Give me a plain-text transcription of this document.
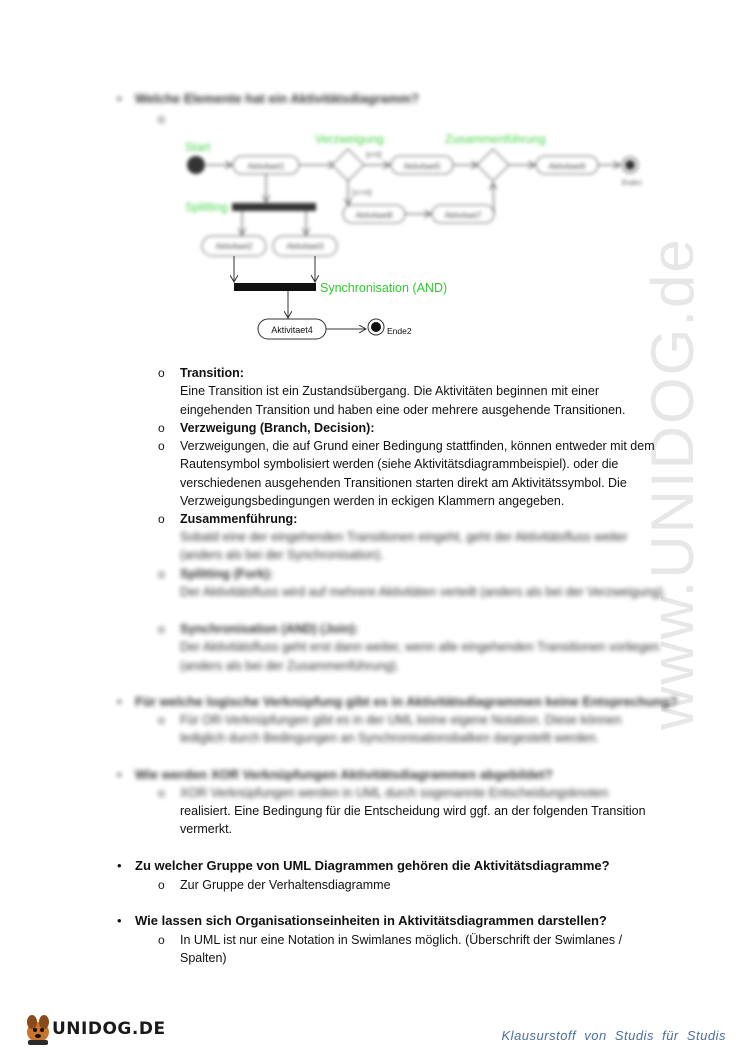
www.UNIDOG.de
• Welche Elemente hat ein Aktivitätsdiagramm?
o
Start
Aktivitaet1
Verzweigung
[x>0]
Aktivitaet5
Zusammenführung
Aktivitaet6
Ende1
[x<=0]
Aktivitaet8	Aktivitaet7
Splitting
Aktivitaet2	Aktivitaet3
Synchronisation (AND)
Aktivitaet4	Ende2
o Transition:
Eine Transition ist ein Zustandsübergang. Die Aktivitäten beginnen mit einer eingehenden Transition und haben eine oder mehrere ausgehende Transitionen.
o Verzweigung (Branch, Decision):
o Verzweigungen, die auf Grund einer Bedingung stattfinden, können entweder mit dem Rautensymbol symbolisiert werden (siehe Aktivitätsdiagrammbeispiel). oder die verschiedenen ausgehenden Transitionen starten direkt am Aktivitätssymbol. Die Verzweigungsbedingungen werden in eckigen Klammern angegeben.
o Zusammenführung:
Sobald eine der eingehenden Transitionen eingeht, geht der Aktivitätsfluss weiter (anders als bei der Synchronisation).
o Splitting (Fork):
Der Aktivitätsfluss wird auf mehrere Aktivitäten verteilt (anders als bei der Verzweigung).
o Synchronisation (AND) (Join):
Der Aktivitätsfluss geht erst dann weiter, wenn alle eingehenden Transitionen vorliegen (anders als bei der Zusammenführung).
• Für welche logische Verknüpfung gibt es in Aktivitätsdiagrammen keine Entsprechung?
o Für OR-Verknüpfungen gibt es in der UML keine eigene Notation. Diese können lediglich durch Bedingungen an Synchronisationsbalken dargestellt werden.
• Wie werden XOR Verknüpfungen Aktivitätsdiagrammen abgebildet?
o XOR Verknüpfungen werden in UML durch sogenannte Entscheidungsknoten
realisiert. Eine Bedingung für die Entscheidung wird ggf. an der folgenden Transition vermerkt.
• Zu welcher Gruppe von UML Diagrammen gehören die Aktivitätsdiagramme?
o Zur Gruppe der Verhaltensdiagramme
• Wie lassen sich Organisationseinheiten in Aktivitätsdiagrammen darstellen?
o In UML ist nur eine Notation in Swimlanes möglich. (Überschrift der Swimlanes / Spalten)
UNIDOG.DE	Klausurstoff von Studis für Studis
